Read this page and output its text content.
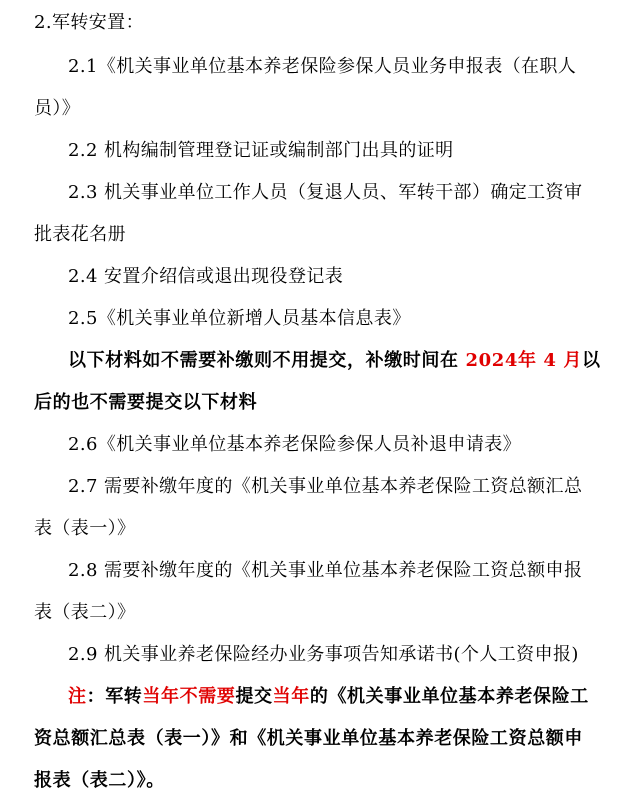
2.军转安置：
2.1《机关事业单位基本养老保险参保人员业务申报表（在职人
员）》
2.2 机构编制管理登记证或编制部门出具的证明
2.3 机关事业单位工作人员（复退人员、军转干部）确定工资审
批表花名册
2.4 安置介绍信或退出现役登记表
2.5《机关事业单位新增人员基本信息表》
以下材料如不需要补缴则不用提交，补缴时间在 2024年 4 月以
后的也不需要提交以下材料
2.6《机关事业单位基本养老保险参保人员补退申请表》
2.7 需要补缴年度的《机关事业单位基本养老保险工资总额汇总
表（表一）》
2.8 需要补缴年度的《机关事业单位基本养老保险工资总额申报
表（表二）》
2.9 机关事业养老保险经办业务事项告知承诺书(个人工资申报)
注：军转当年不需要提交当年的《机关事业单位基本养老保险工
资总额汇总表（表一）》和《机关事业单位基本养老保险工资总额申
报表（表二）》。
